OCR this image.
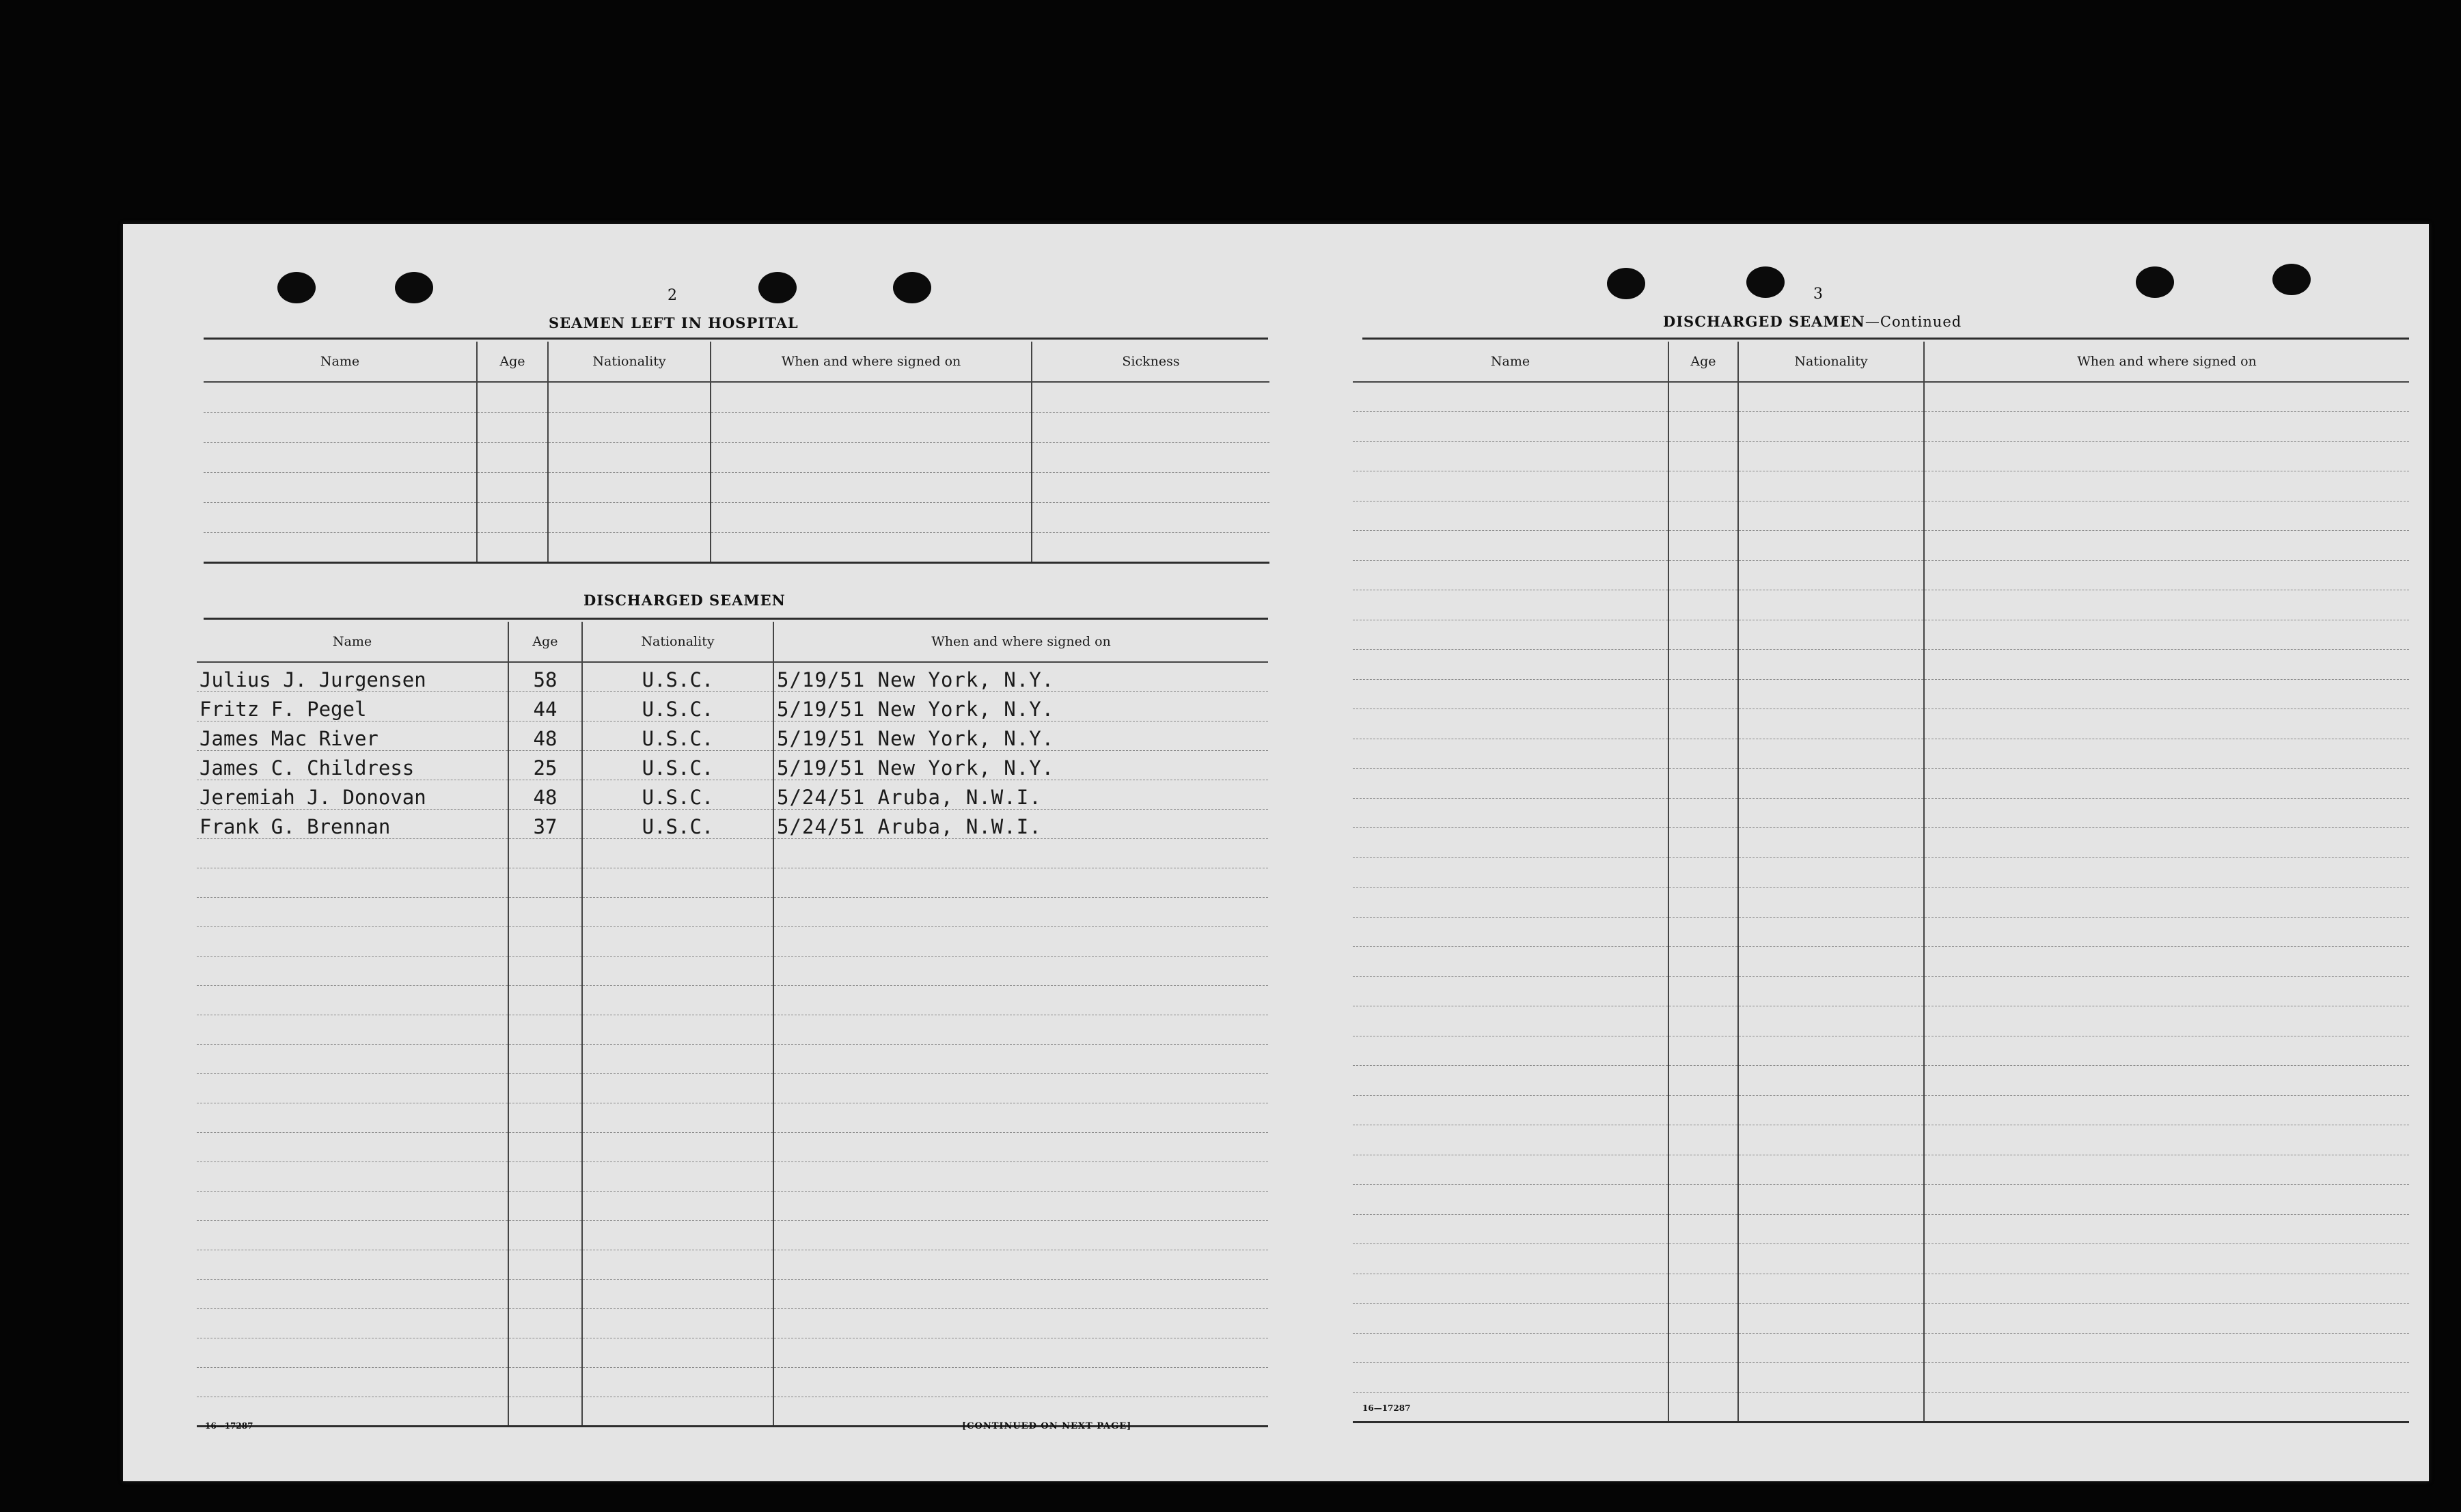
2
SEAMEN LEFT IN HOSPITAL
Name	Age	Nationality	When and where signed on	Sickness

DISCHARGED SEAMEN
Name	Age	Nationality	When and where signed on
Julius J. Jurgensen	58	U.S.C.	5/19/51 New York, N.Y.
Fritz F. Pegel	44	U.S.C.	5/19/51 New York, N.Y.
James Mac River	48	U.S.C.	5/19/51 New York, N.Y.
James C. Childress	25	U.S.C.	5/19/51 New York, N.Y.
Jeremiah J. Donovan	48	U.S.C.	5/24/51 Aruba, N.W.I.
Frank G. Brennan	37	U.S.C.	5/24/51 Aruba, N.W.I.

16—17287	[CONTINUED ON NEXT PAGE]
3
DISCHARGED SEAMEN—Continued
Name	Age	Nationality	When and where signed on

16—17287
